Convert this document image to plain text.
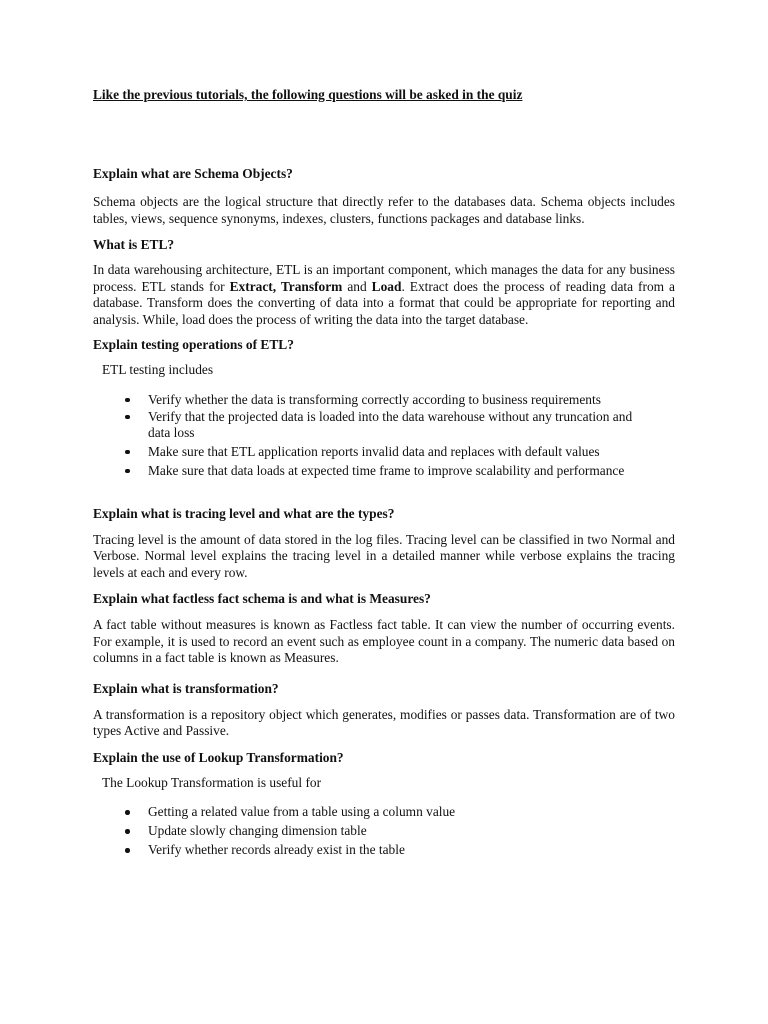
Like the previous tutorials, the following questions will be asked in the quiz

Explain what are Schema Objects?

Schema objects are the logical structure that directly refer to the databases data. Schema objects includes tables, views, sequence synonyms, indexes, clusters, functions packages and database links.

What is ETL?

In data warehousing architecture, ETL is an important component, which manages the data for any business process. ETL stands for Extract, Transform and Load. Extract does the process of reading data from a database. Transform does the converting of data into a format that could be appropriate for reporting and analysis. While, load does the process of writing the data into the target database.

Explain testing operations of ETL?

ETL testing includes

Verify whether the data is transforming correctly according to business requirements
Verify that the projected data is loaded into the data warehouse without any truncation and data loss
Make sure that ETL application reports invalid data and replaces with default values
Make sure that data loads at expected time frame to improve scalability and performance

Explain what is tracing level and what are the types?

Tracing level is the amount of data stored in the log files. Tracing level can be classified in two Normal and Verbose. Normal level explains the tracing level in a detailed manner while verbose explains the tracing levels at each and every row.

Explain what factless fact schema is and what is Measures?

A fact table without measures is known as Factless fact table. It can view the number of occurring events. For example, it is used to record an event such as employee count in a company. The numeric data based on columns in a fact table is known as Measures.

Explain what is transformation?

A transformation is a repository object which generates, modifies or passes data. Transformation are of two types Active and Passive.

Explain the use of Lookup Transformation?

The Lookup Transformation is useful for

Getting a related value from a table using a column value
Update slowly changing dimension table
Verify whether records already exist in the table
